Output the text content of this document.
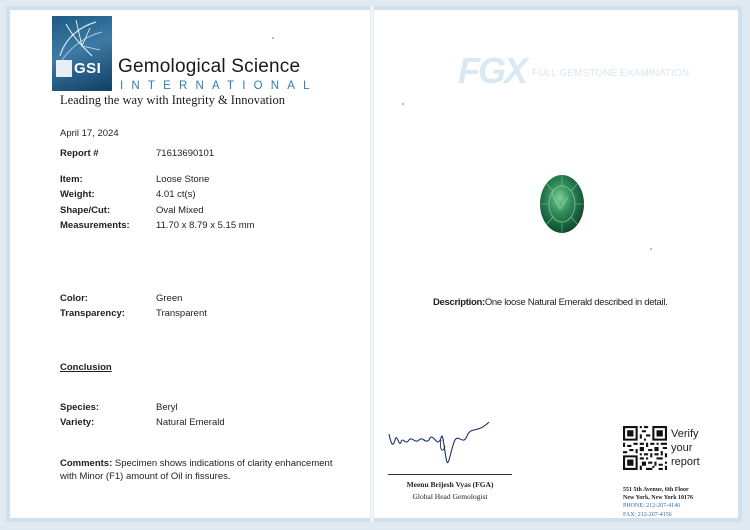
GSI Gemological Science
INTERNATIONAL
Leading the way with Integrity & Innovation
April 17, 2024
Report #	71613690101
Item:	Loose Stone
Weight:	4.01 ct(s)
Shape/Cut:	Oval Mixed
Measurements:	11.70 x 8.79 x 5.15 mm
Color:	Green
Transparency:	Transparent
Conclusion
Species:	Beryl
Variety:	Natural Emerald
Comments: Specimen shows indications of clarity enhancement with Minor (F1) amount of Oil in fissures.
FGX FULL GEMSTONE EXAMINATION
Description:One loose Natural Emerald described in detail.
Meenu Brijesh Vyas (FGA)
Global Head Gemologist
Verify
your
report
551 5th Avenue, 6th Floor
New York, New York 10176
PHONE: 212-207-4140
FAX: 212-207-4156
